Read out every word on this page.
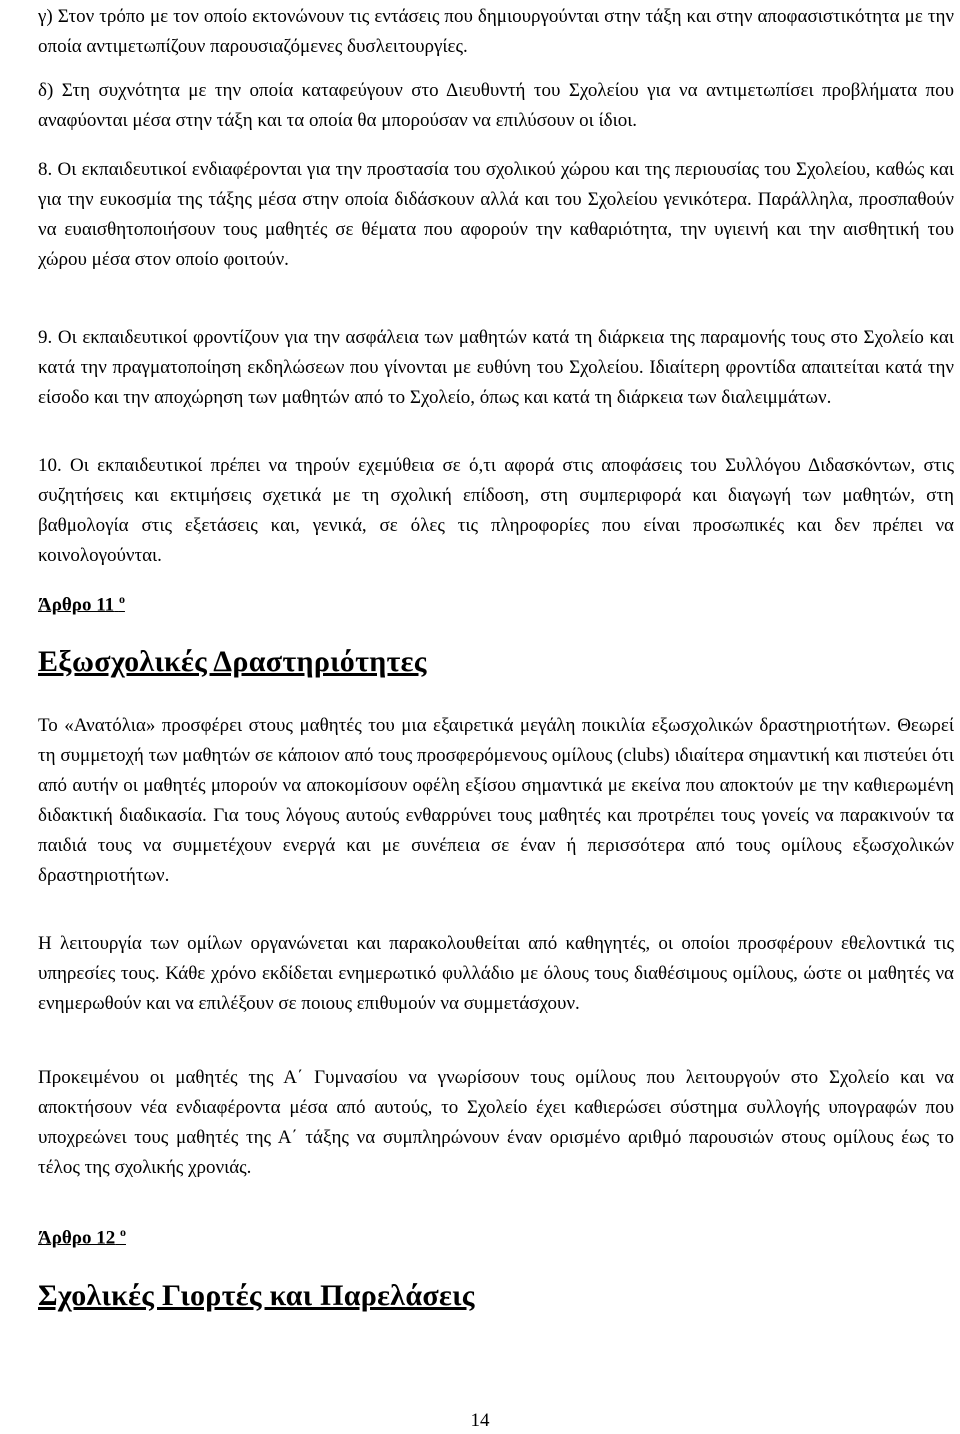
γ) Στον τρόπο με τον οποίο εκτονώνουν τις εντάσεις που δημιουργούνται στην τάξη και στην αποφασιστικότητα με την οποία αντιμετωπίζουν παρουσιαζόμενες δυσλειτουργίες.

δ) Στη συχνότητα με την οποία καταφεύγουν στο Διευθυντή του Σχολείου για να αντιμετωπίσει προβλήματα που αναφύονται μέσα στην τάξη και τα οποία θα μπορούσαν να επιλύσουν οι ίδιοι.

8. Οι εκπαιδευτικοί ενδιαφέρονται για την προστασία του σχολικού χώρου και της περιουσίας του Σχολείου, καθώς και για την ευκοσμία της τάξης μέσα στην οποία διδάσκουν αλλά και του Σχολείου γενικότερα. Παράλληλα, προσπαθούν να ευαισθητοποιήσουν τους μαθητές σε θέματα που αφορούν την καθαριότητα, την υγιεινή και την αισθητική του χώρου μέσα στον οποίο φοιτούν.

9. Οι εκπαιδευτικοί φροντίζουν για την ασφάλεια των μαθητών κατά τη διάρκεια της παραμονής τους στο Σχολείο και κατά την πραγματοποίηση εκδηλώσεων που γίνονται με ευθύνη του Σχολείου. Ιδιαίτερη φροντίδα απαιτείται κατά την είσοδο και την αποχώρηση των μαθητών από το Σχολείο, όπως και κατά τη διάρκεια των διαλειμμάτων.

10. Οι εκπαιδευτικοί πρέπει να τηρούν εχεμύθεια σε ό,τι αφορά στις αποφάσεις του Συλλόγου Διδασκόντων, στις συζητήσεις και εκτιμήσεις σχετικά με τη σχολική επίδοση, στη συμπεριφορά και διαγωγή των μαθητών, στη βαθμολογία στις εξετάσεις και, γενικά, σε όλες τις πληροφορίες που είναι προσωπικές και δεν πρέπει να κοινολογούνται.

Άρθρο 11 $^o$
Εξωσχολικές Δραστηριότητες

Το «Ανατόλια» προσφέρει στους μαθητές του μια εξαιρετικά μεγάλη ποικιλία εξωσχολικών δραστηριοτήτων. Θεωρεί τη συμμετοχή των μαθητών σε κάποιον από τους προσφερόμενους ομίλους (clubs) ιδιαίτερα σημαντική και πιστεύει ότι από αυτήν οι μαθητές μπορούν να αποκομίσουν οφέλη εξίσου σημαντικά με εκείνα που αποκτούν με την καθιερωμένη διδακτική διαδικασία. Για τους λόγους αυτούς ενθαρρύνει τους μαθητές και προτρέπει τους γονείς να παρακινούν τα παιδιά τους να συμμετέχουν ενεργά και με συνέπεια σε έναν ή περισσότερα από τους ομίλους εξωσχολικών δραστηριοτήτων.

Η λειτουργία των ομίλων οργανώνεται και παρακολουθείται από καθηγητές, οι οποίοι προσφέρουν εθελοντικά τις υπηρεσίες τους. Κάθε χρόνο εκδίδεται ενημερωτικό φυλλάδιο με όλους τους διαθέσιμους ομίλους, ώστε οι μαθητές να ενημερωθούν και να επιλέξουν σε ποιους επιθυμούν να συμμετάσχουν.

Προκειμένου οι μαθητές της Α΄ Γυμνασίου να γνωρίσουν τους ομίλους που λειτουργούν στο Σχολείο και να αποκτήσουν νέα ενδιαφέροντα μέσα από αυτούς, το Σχολείο έχει καθιερώσει σύστημα συλλογής υπογραφών που υποχρεώνει τους μαθητές της Α΄ τάξης να συμπληρώνουν έναν ορισμένο αριθμό παρουσιών στους ομίλους έως το τέλος της σχολικής χρονιάς.

Άρθρο 12 $^o$
Σχολικές Γιορτές και Παρελάσεις
14
